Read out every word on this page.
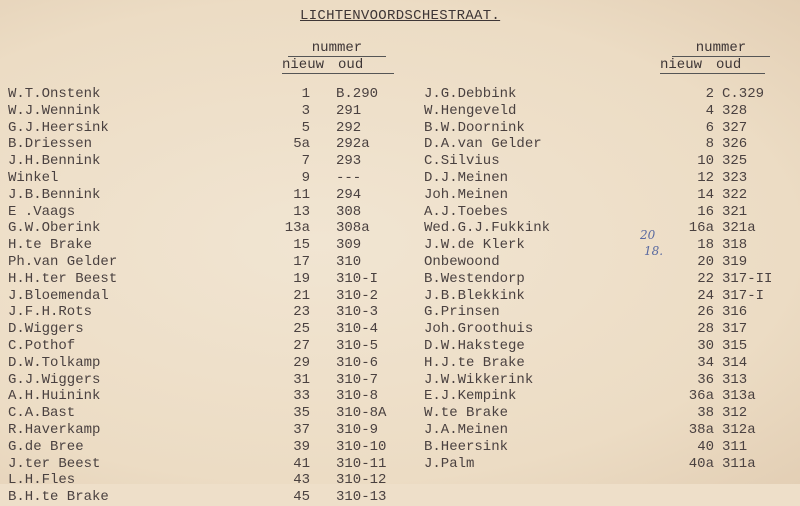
LICHTENVOORDSCHESTRAAT.
nummer
nieuw oud
nummer
nieuw oud
W.T.Onstenk	1 B.290
W.J.Wennink	3 291
G.J.Heersink	5 292
B.Driessen	5a 292a
J.H.Bennink	7 293
Winkel	9 ---
J.B.Bennink	11 294
E .Vaags	13 308
G.W.Oberink	13a 308a
H.te Brake	15 309
Ph.van Gelder	17 310
H.H.ter Beest	19 310-I
J.Bloemendal	21 310-2
J.F.H.Rots	23 310-3
D.Wiggers	25 310-4
C.Pothof	27 310-5
D.W.Tolkamp	29 310-6
G.J.Wiggers	31 310-7
A.H.Huinink	33 310-8
C.A.Bast	35 310-8A
R.Haverkamp	37 310-9
G.de Bree	39 310-10
J.ter Beest	41 310-11
L.H.Fles	43 310-12
B.H.te Brake	45 310-13
J.G.Debbink	2 C.329
W.Hengeveld	4 328
B.W.Doornink	6 327
D.A.van Gelder	8 326
C.Silvius	10 325
D.J.Meinen	12 323
Joh.Meinen	14 322
A.J.Toebes	16 321
Wed.G.J.Fukkink	16a 321a
J.W.de Klerk	18 318
Onbewoond	20 319
B.Westendorp	22 317-II
J.B.Blekkink	24 317-I
G.Prinsen	26 316
Joh.Groothuis	28 317
D.W.Hakstege	30 315
H.J.te Brake	34 314
J.W.Wikkerink	36 313
E.J.Kempink	36a 313a
W.te Brake	38 312
J.A.Meinen	38a 312a
B.Heersink	40 311
J.Palm	40a 311a
20
18.
